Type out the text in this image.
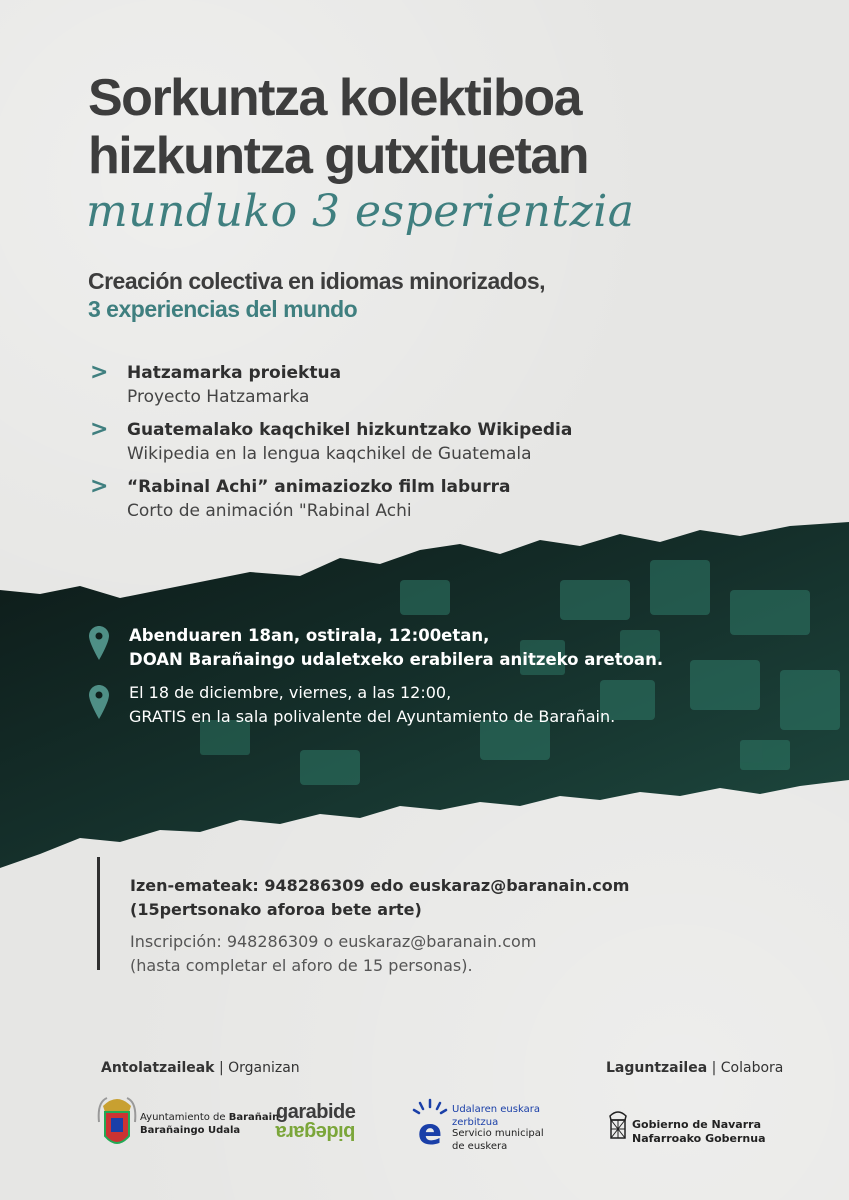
Sorkuntza kolektiboa
hizkuntza gutxituetan
munduko 3 esperientzia
Creación colectiva en idiomas minorizados,
3 experiencias del mundo
> Hatzamarka proiektua
Proyecto Hatzamarka
> Guatemalako kaqchikel hizkuntzako Wikipedia
Wikipedia en la lengua kaqchikel de Guatemala
> “Rabinal Achi” animaziozko film laburra
Corto de animación "Rabinal Achi
Abenduaren 18an, ostirala, 12:00etan,
DOAN Barañaingo udaletxeko erabilera anitzeko aretoan.
El 18 de diciembre, viernes, a las 12:00,
GRATIS en la sala polivalente del Ayuntamiento de Barañain.
Izen-emateak: 948286309 edo euskaraz@baranain.com
(15pertsonako aforoa bete arte)
Inscripción: 948286309 o euskaraz@baranain.com
(hasta completar el aforo de 15 personas).
Antolatzaileak | Organizan	Laguntzailea | Colabora
Ayuntamiento de Barañain
Barañaingo Udala
garabide
bidegara e
Udalaren euskara
zerbitzua
Servicio municipal
de euskera
Gobierno de Navarra
Nafarroako Gobernua
